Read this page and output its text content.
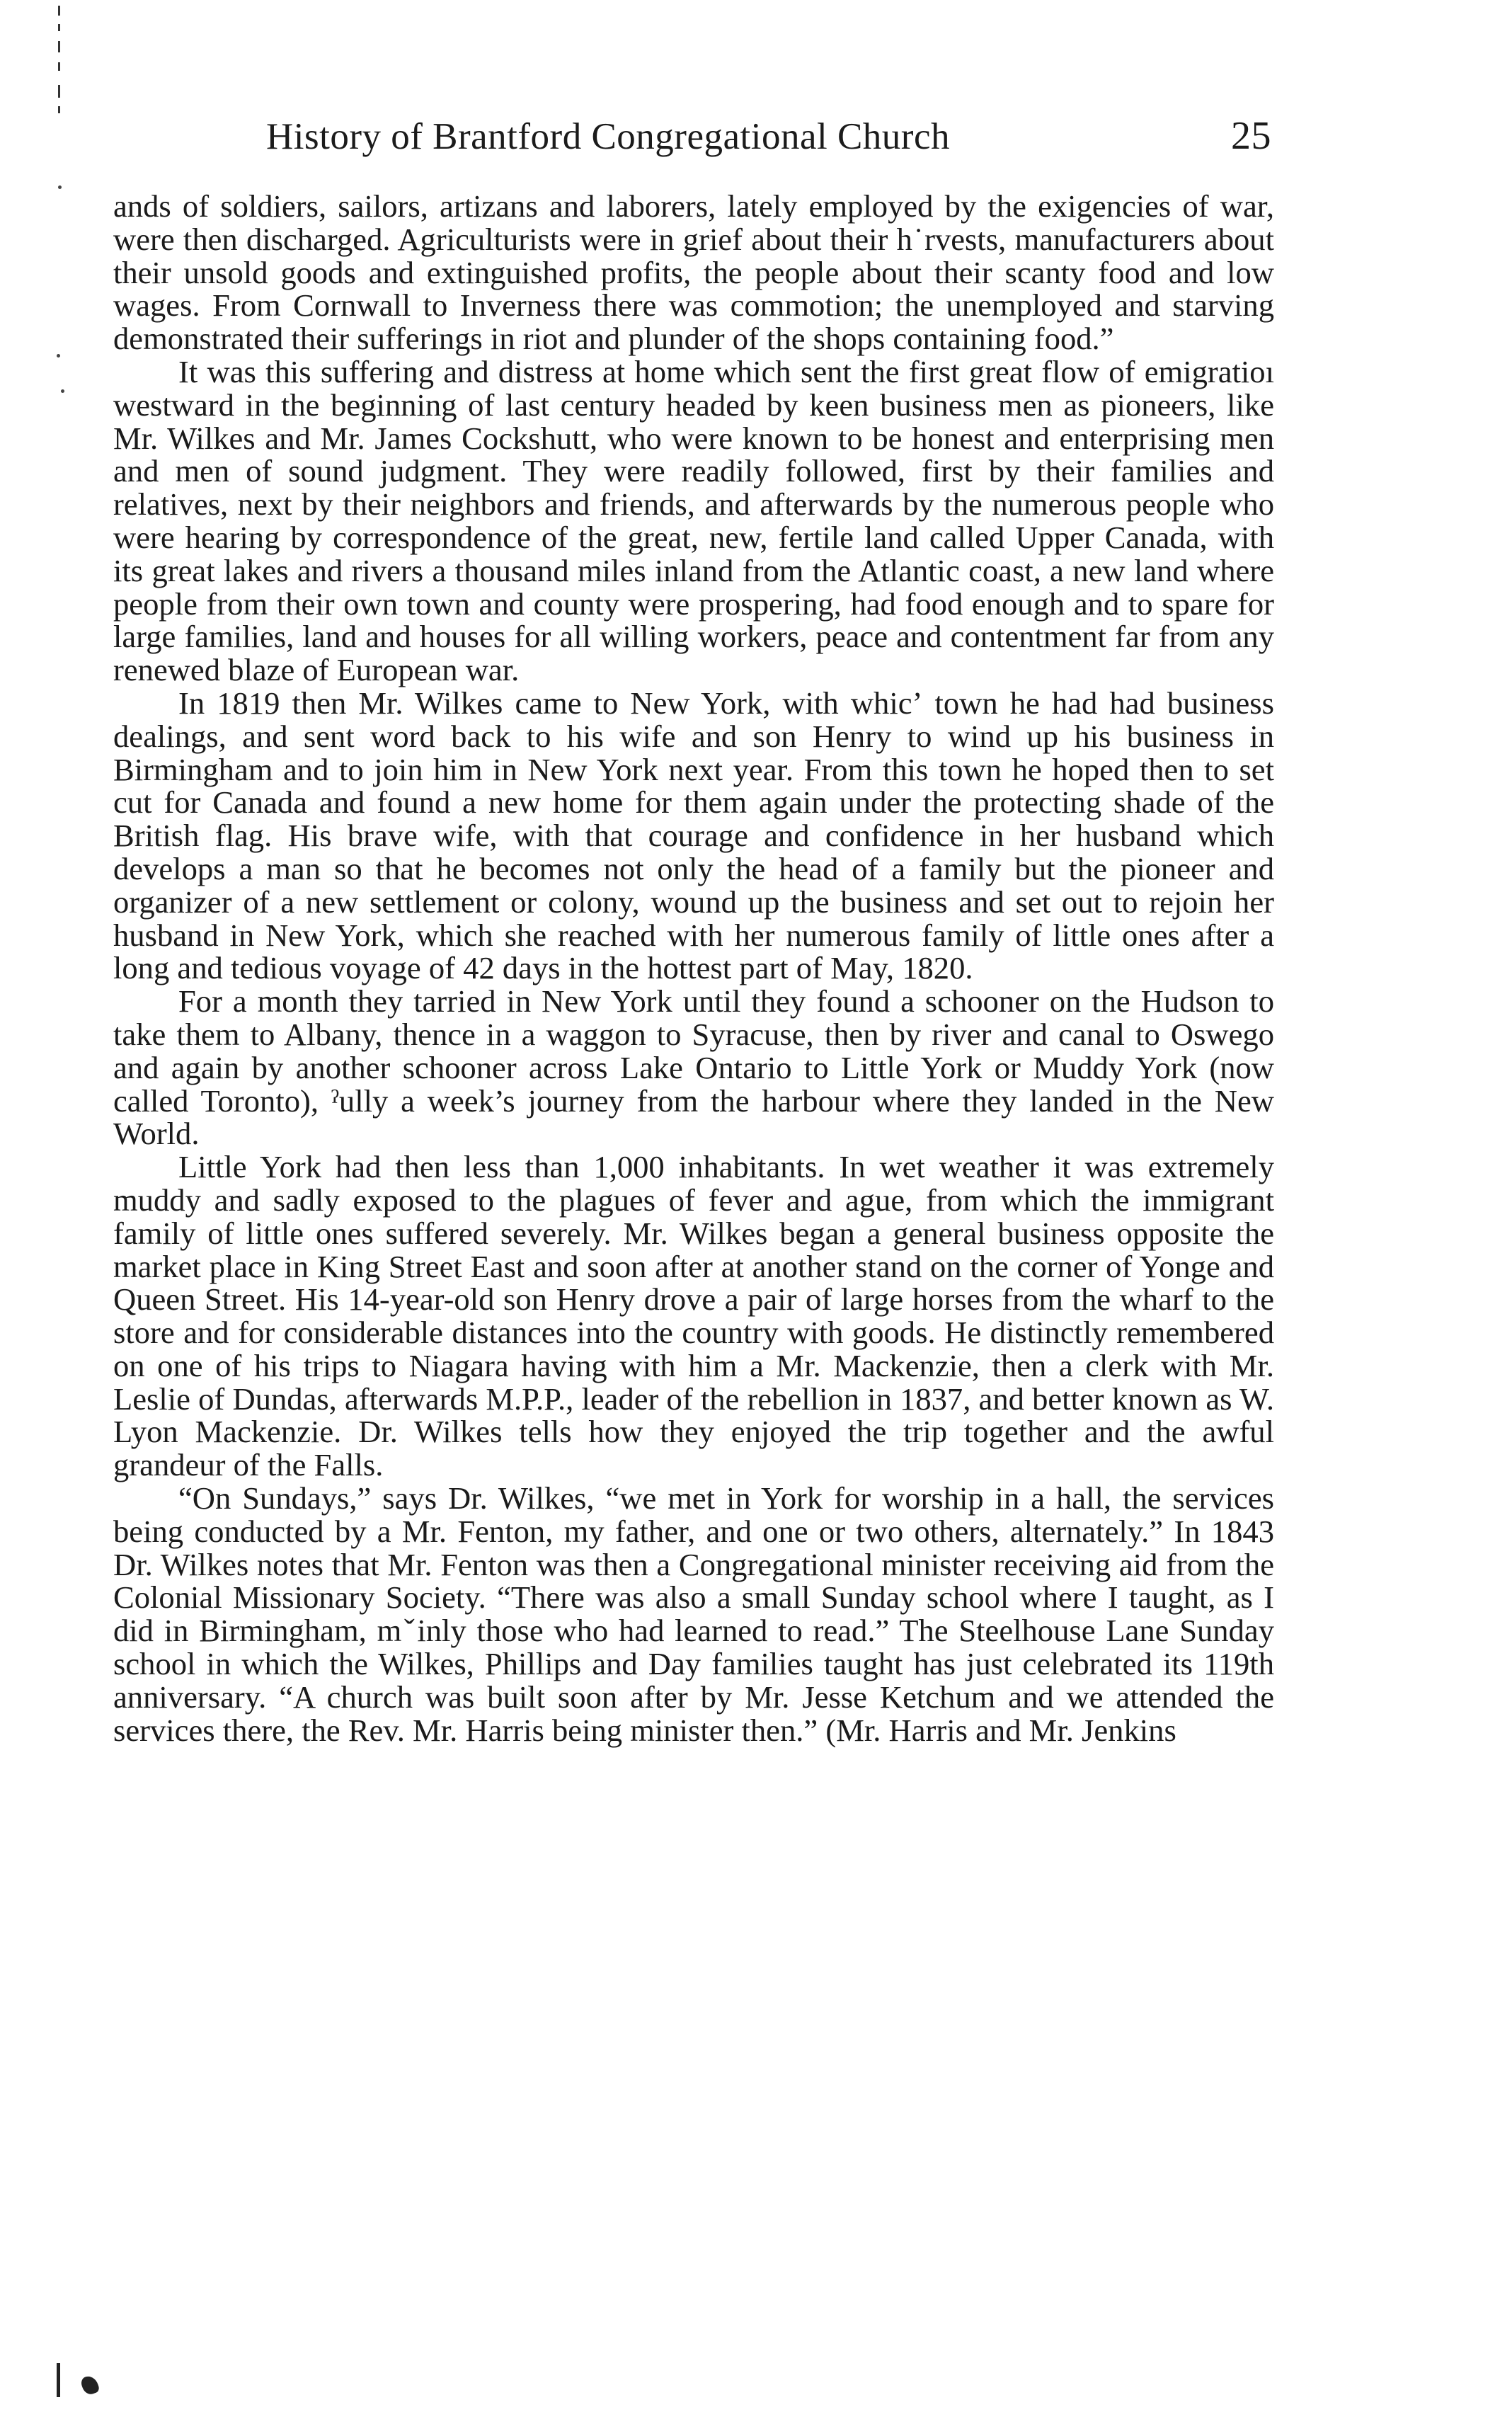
History of Brantford Congregational Church	25

ands of soldiers, sailors, artizans and laborers, lately employed by the exigencies of war, were then discharged. Agriculturists were in grief about their h˙rvests, manufacturers about their unsold goods and extinguished profits, the people about their scanty food and low wages. From Cornwall to Inverness there was commotion; the unemployed and starving demonstrated their sufferings in riot and plunder of the shops containing food.”

It was this suffering and distress at home which sent the first great flow of emigratioı westward in the beginning of last century headed by keen business men as pioneers, like Mr. Wilkes and Mr. James Cockshutt, who were known to be honest and enterprising men and men of sound judgment. They were readily followed, first by their families and relatives, next by their neighbors and friends, and afterwards by the numerous people who were hearing by correspondence of the great, new, fertile land called Upper Canada, with its great lakes and rivers a thousand miles inland from the Atlantic coast, a new land where people from their own town and county were prospering, had food enough and to spare for large families, land and houses for all willing workers, peace and contentment far from any renewed blaze of European war.

In 1819 then Mr. Wilkes came to New York, with whicʼ town he had had business dealings, and sent word back to his wife and son Henry to wind up his business in Birmingham and to join him in New York next year. From this town he hoped then to set cut for Canada and found a new home for them again under the protecting shade of the British flag. His brave wife, with that courage and confidence in her husband which develops a man so that he becomes not only the head of a family but the pioneer and organizer of a new settlement or colony, wound up the business and set out to rejoin her husband in New York, which she reached with her numerous family of little ones after a long and tedious voyage of 42 days in the hottest part of May, 1820.

For a month they tarried in New York until they found a schooner on the Hudson to take them to Albany, thence in a waggon to Syracuse, then by river and canal to Oswego and again by another schooner across Lake Ontario to Little York or Muddy York (now called Toronto), ˀully a week’s journey from the harbour where they landed in the New World.

Little York had then less than 1,000 inhabitants. In wet weather it was extremely muddy and sadly exposed to the plagues of fever and ague, from which the immigrant family of little ones suffered severely. Mr. Wilkes began a general business opposite the market place in King Street East and soon after at another stand on the corner of Yonge and Queen Street. His 14-year-old son Henry drove a pair of large horses from the wharf to the store and for considerable distances into the country with goods. He distinctly remembered on one of his trips to Niagara having with him a Mr. Mackenzie, then a clerk with Mr. Leslie of Dundas, afterwards M.P.P., leader of the rebellion in 1837, and better known as W. Lyon Mackenzie. Dr. Wilkes tells how they enjoyed the trip together and the awful grandeur of the Falls.

“On Sundays,” says Dr. Wilkes, “we met in York for worship in a hall, the services being conducted by a Mr. Fenton, my father, and one or two others, alternately.” In 1843 Dr. Wilkes notes that Mr. Fenton was then a Congregational minister receiving aid from the Colonial Missionary Society. “There was also a small Sunday school where I taught, as I did in Birmingham, mˇinly those who had learned to read.” The Steelhouse Lane Sunday school in which the Wilkes, Phillips and Day families taught has just celebrated its 119th anniversary. “A church was built soon after by Mr. Jesse Ketchum and we attended the services there, the Rev. Mr. Harris being minister then.” (Mr. Harris and Mr. Jenkins
